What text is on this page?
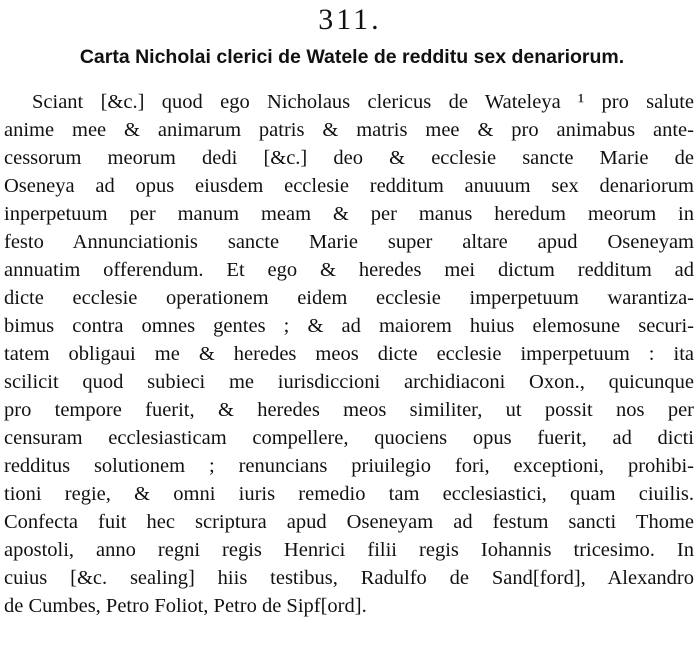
311.
Carta Nicholai clerici de Watele de redditu sex denariorum.
Sciant [&c.] quod ego Nicholaus clericus de Wateleya ¹ pro salute
anime mee & animarum patris & matris mee & pro animabus ante-
cessorum meorum dedi [&c.] deo & ecclesie sancte Marie de
Oseneya ad opus eiusdem ecclesie redditum anuuum sex denariorum
inperpetuum per manum meam & per manus heredum meorum in
festo Annunciationis sancte Marie super altare apud Oseneyam
annuatim offerendum. Et ego & heredes mei dictum redditum ad
dicte ecclesie operationem eidem ecclesie imperpetuum warantiza-
bimus contra omnes gentes ; & ad maiorem huius elemosune securi-
tatem obligaui me & heredes meos dicte ecclesie imperpetuum : ita
scilicit quod subieci me iurisdiccioni archidiaconi Oxon., quicunque
pro tempore fuerit, & heredes meos similiter, ut possit nos per
censuram ecclesiasticam compellere, quociens opus fuerit, ad dicti
redditus solutionem ; renuncians priuilegio fori, exceptioni, prohibi-
tioni regie, & omni iuris remedio tam ecclesiastici, quam ciuilis.
Confecta fuit hec scriptura apud Oseneyam ad festum sancti Thome
apostoli, anno regni regis Henrici filii regis Iohannis tricesimo. In
cuius [&c. sealing] hiis testibus, Radulfo de Sand[ford], Alexandro
de Cumbes, Petro Foliot, Petro de Sipf[ord].
